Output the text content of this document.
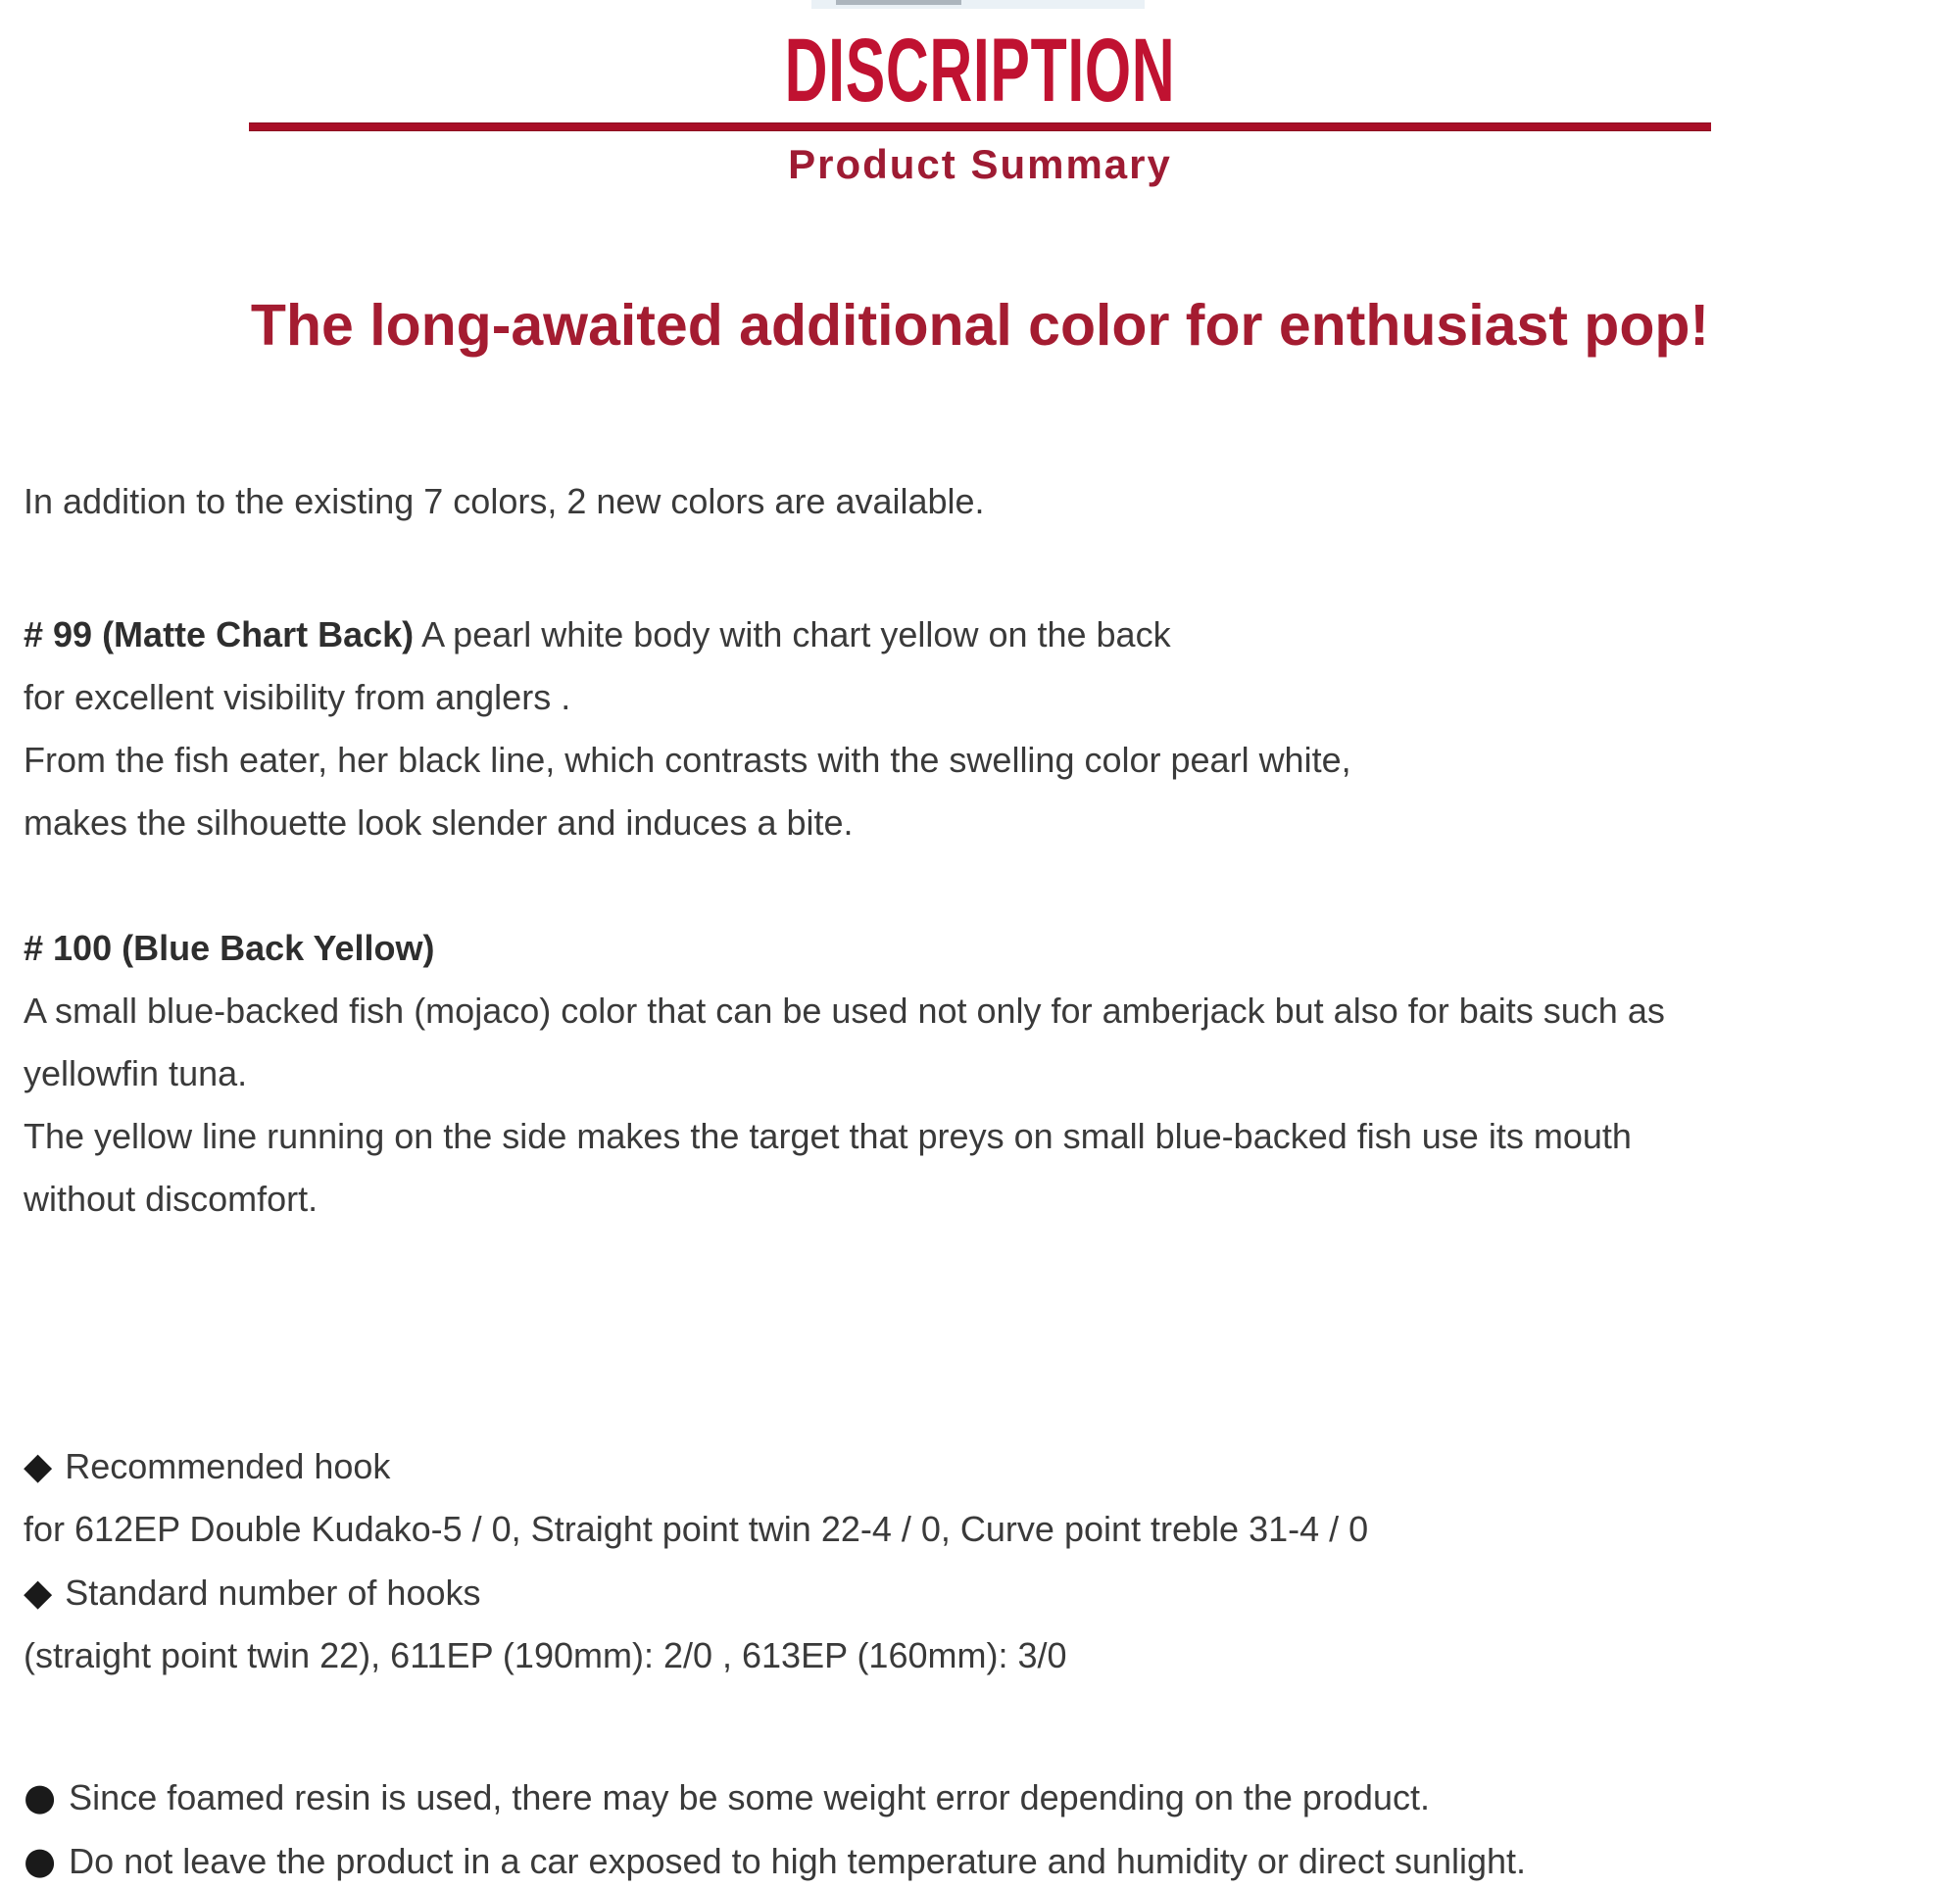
DISCRIPTION
Product Summary
The long-awaited additional color for enthusiast pop!

In addition to the existing 7 colors, 2 new colors are available.

# 99 (Matte Chart Back) A pearl white body with chart yellow on the back
for excellent visibility from anglers .
From the fish eater, her black line, which contrasts with the swelling color pearl white,
makes the silhouette look slender and induces a bite.
# 100 (Blue Back Yellow)
A small blue-backed fish (mojaco) color that can be used not only for amberjack but also for baits such as
yellowfin tuna.
The yellow line running on the side makes the target that preys on small blue-backed fish use its mouth
without discomfort.
◆ Recommended hook
for 612EP Double Kudako-5 / 0, Straight point twin 22-4 / 0, Curve point treble 31-4 / 0
◆ Standard number of hooks
(straight point twin 22), 611EP (190mm): 2/0 , 613EP (160mm): 3/0
● Since foamed resin is used, there may be some weight error depending on the product.
● Do not leave the product in a car exposed to high temperature and humidity or direct sunlight.
